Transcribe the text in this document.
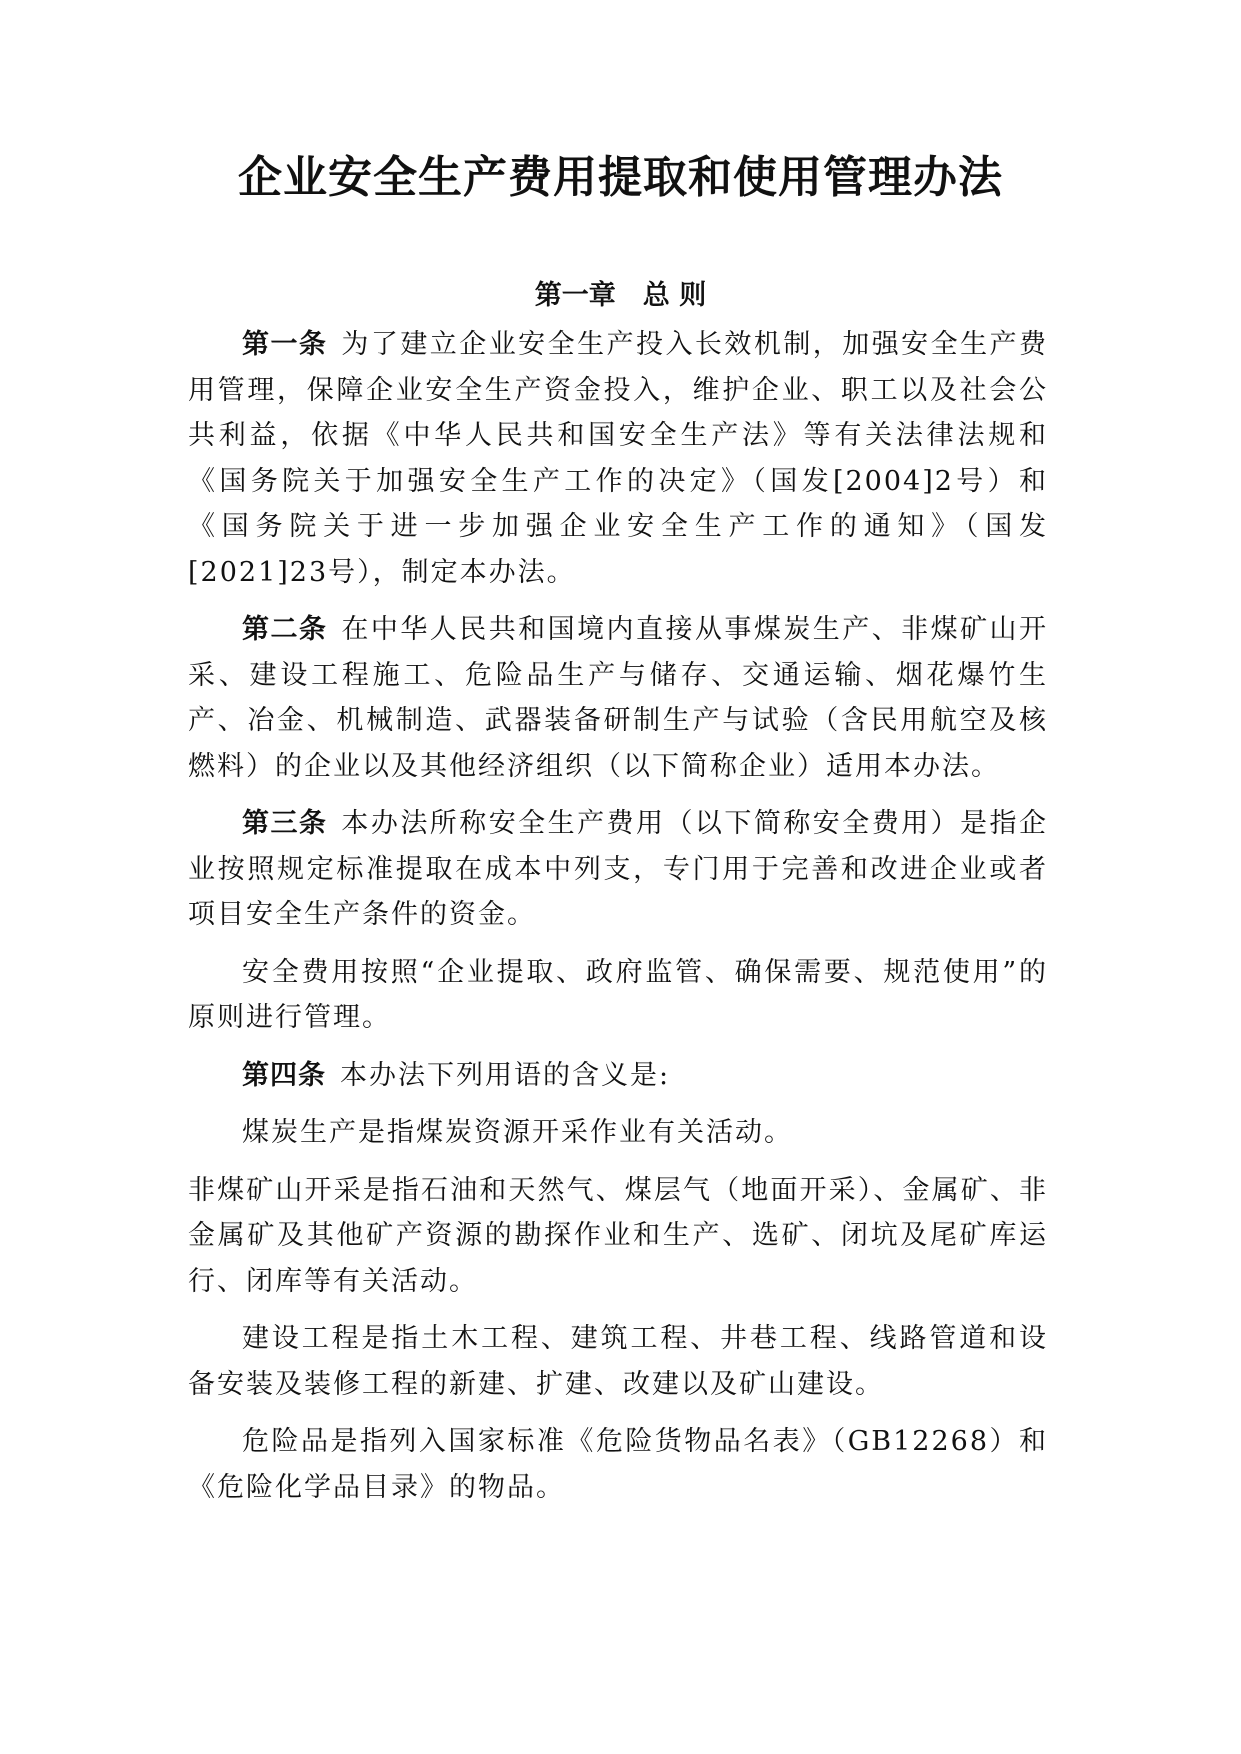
企业安全生产费用提取和使用管理办法
第一章　总 则

第一条 为了建立企业安全生产投入长效机制，加强安全生产费用管理，保障企业安全生产资金投入，维护企业、职工以及社会公共利益，依据《中华人民共和国安全生产法》等有关法律法规和《国务院关于加强安全生产工作的决定》（国发[2004]2号）和《国务院关于进一步加强企业安全生产工作的通知》（国发[2021]23号），制定本办法。

第二条 在中华人民共和国境内直接从事煤炭生产、非煤矿山开采、建设工程施工、危险品生产与储存、交通运输、烟花爆竹生产、冶金、机械制造、武器装备研制生产与试验（含民用航空及核燃料）的企业以及其他经济组织（以下简称企业）适用本办法。

第三条 本办法所称安全生产费用（以下简称安全费用）是指企业按照规定标准提取在成本中列支，专门用于完善和改进企业或者项目安全生产条件的资金。

安全费用按照“企业提取、政府监管、确保需要、规范使用”的原则进行管理。

第四条 本办法下列用语的含义是:

煤炭生产是指煤炭资源开采作业有关活动。

非煤矿山开采是指石油和天然气、煤层气（地面开采）、金属矿、非金属矿及其他矿产资源的勘探作业和生产、选矿、闭坑及尾矿库运行、闭库等有关活动。

建设工程是指土木工程、建筑工程、井巷工程、线路管道和设备安装及装修工程的新建、扩建、改建以及矿山建设。

危险品是指列入国家标准《危险货物品名表》（GB12268）和《危险化学品目录》的物品。
